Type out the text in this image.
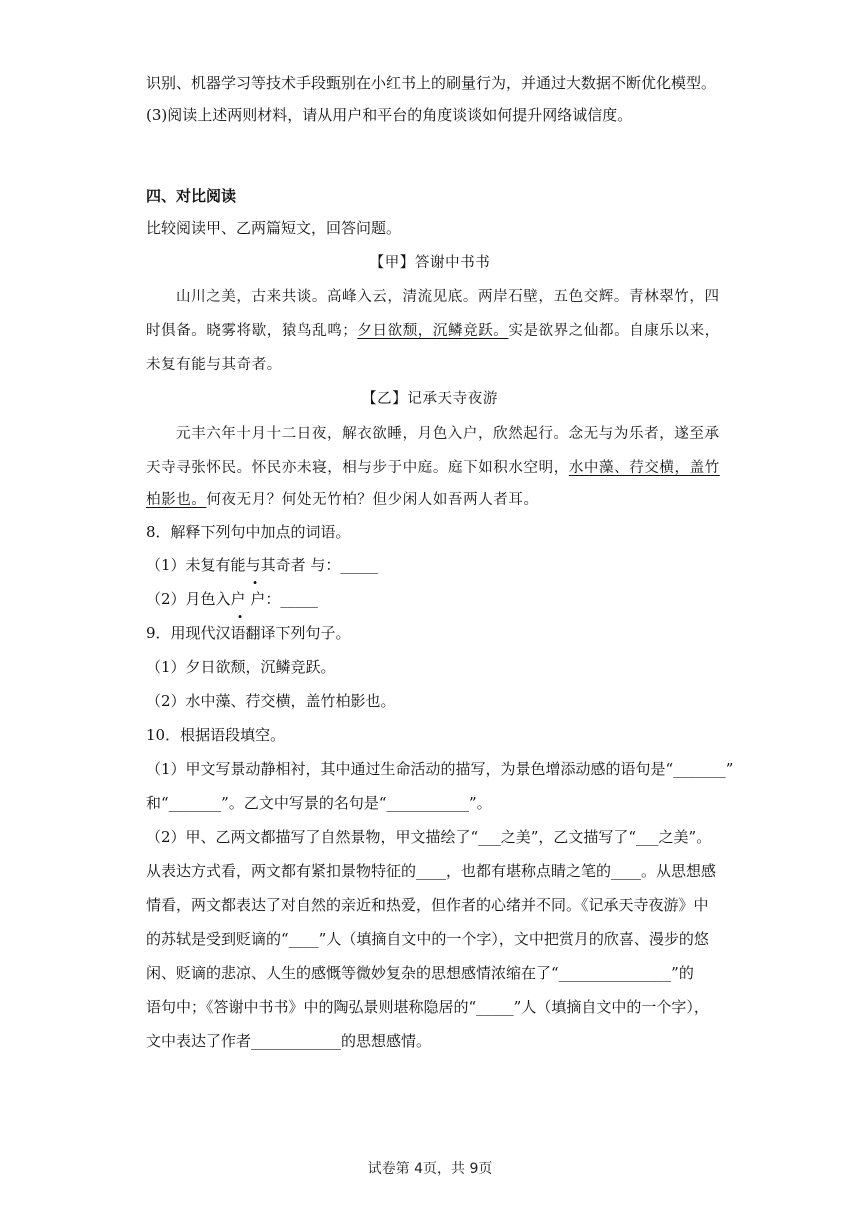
识别、机器学习等技术手段甄别在小红书上的刷量行为，并通过大数据不断优化模型。
(3)阅读上述两则材料，请从用户和平台的角度谈谈如何提升网络诚信度。
四、对比阅读
比较阅读甲、乙两篇短文，回答问题。
【甲】答谢中书书
山川之美，古来共谈。高峰入云，清流见底。两岸石壁，五色交辉。青林翠竹，四
时俱备。晓雾将歇，猿鸟乱鸣；夕日欲颓，沉鳞竞跃。实是欲界之仙都。自康乐以来，
未复有能与其奇者。
【乙】记承天寺夜游
元丰六年十月十二日夜，解衣欲睡，月色入户，欣然起行。念无与为乐者，遂至承
天寺寻张怀民。怀民亦未寝，相与步于中庭。庭下如积水空明，水中藻、荇交横，盖竹
柏影也。何夜无月？何处无竹柏？但少闲人如吾两人者耳。
8．解释下列句中加点的词语。
（1）未复有能与其奇者 与：_____
（2）月色入户 户：_____
9．用现代汉语翻译下列句子。
（1）夕日欲颓，沉鳞竞跃。
（2）水中藻、荇交横，盖竹柏影也。
10．根据语段填空。
（1）甲文写景动静相衬，其中通过生命活动的描写，为景色增添动感的语句是“_______”
和“_______”。乙文中写景的名句是“___________”。
（2）甲、乙两文都描写了自然景物，甲文描绘了“___之美”，乙文描写了“___之美”。
从表达方式看，两文都有紧扣景物特征的____，也都有堪称点睛之笔的____。从思想感
情看，两文都表达了对自然的亲近和热爱，但作者的心绪并不同。《记承天寺夜游》中
的苏轼是受到贬谪的“____”人（填摘自文中的一个字），文中把赏月的欣喜、漫步的悠
闲、贬谪的悲凉、人生的感慨等微妙复杂的思想感情浓缩在了“_______________”的
语句中；《答谢中书书》中的陶弘景则堪称隐居的“_____”人（填摘自文中的一个字），
文中表达了作者____________的思想感情。
试卷第 4页，共 9页
